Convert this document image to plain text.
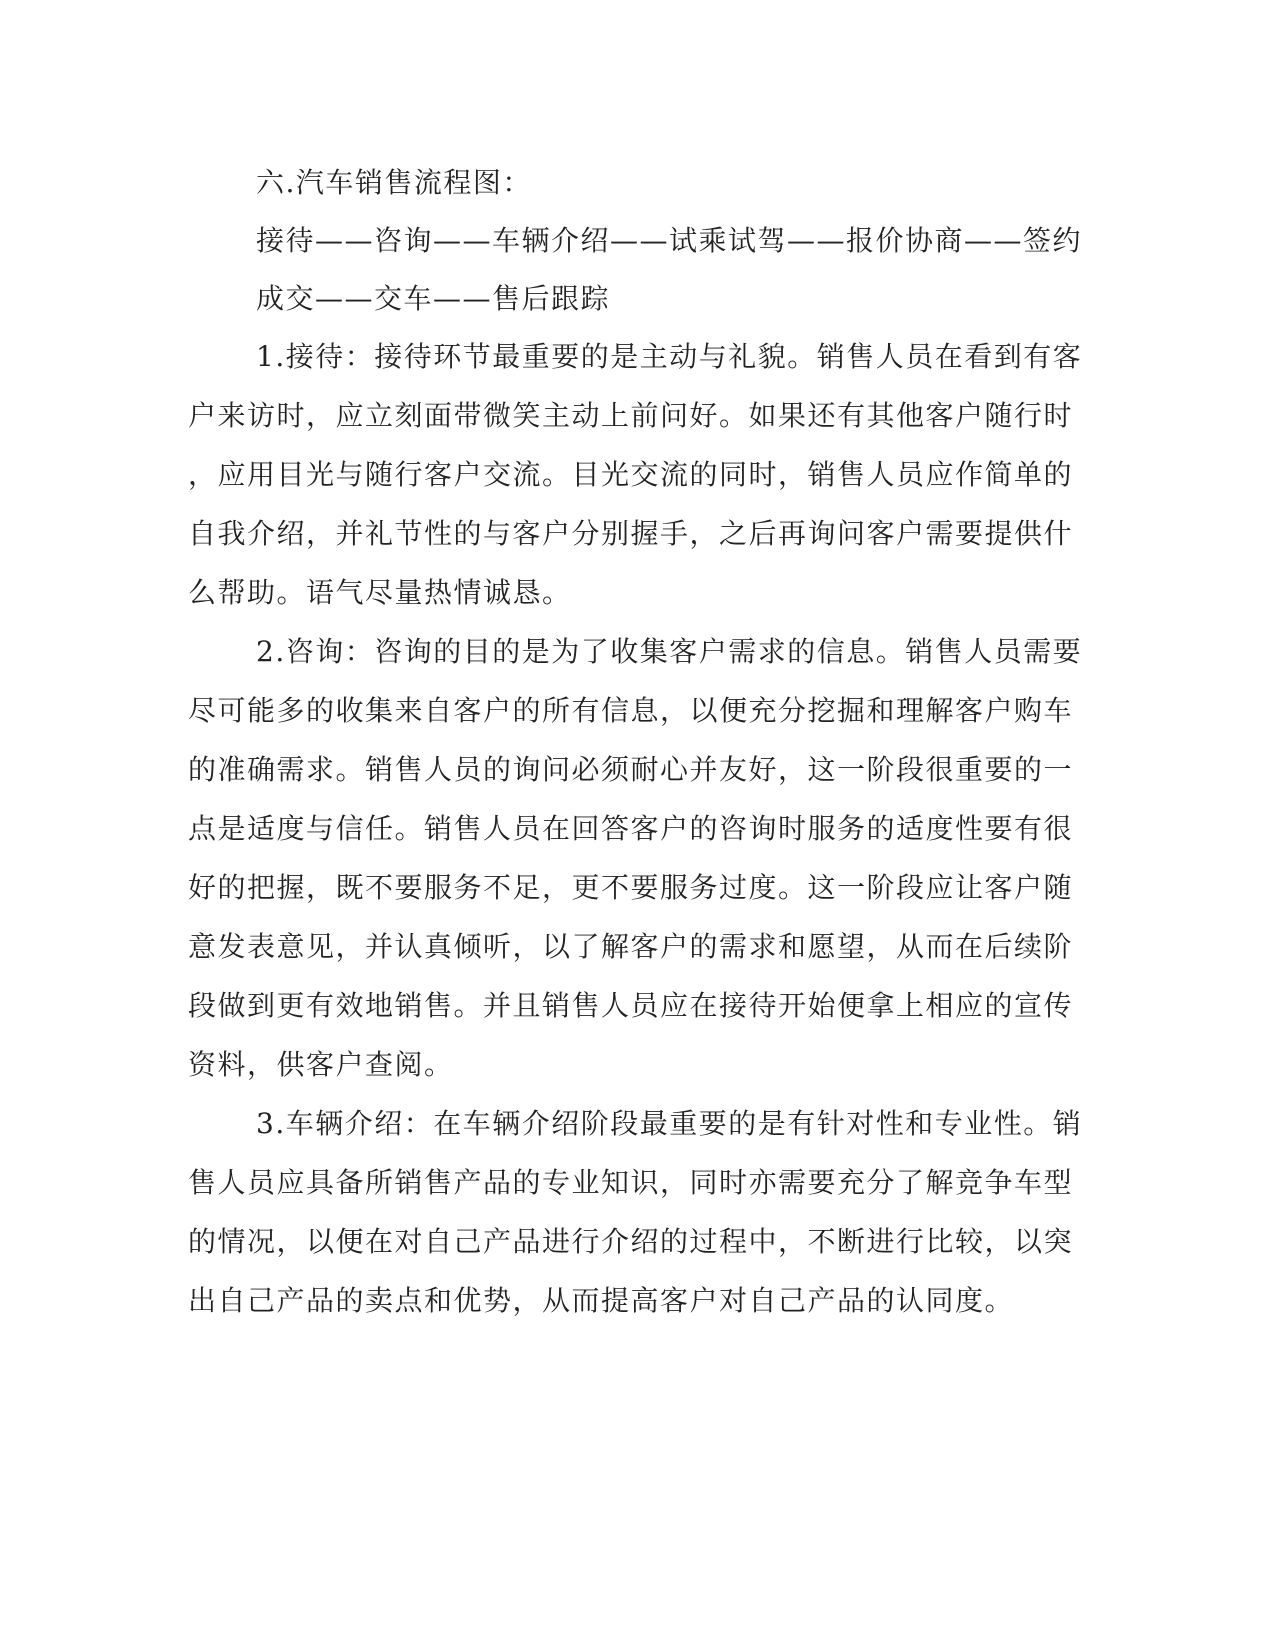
六.汽车销售流程图：
接待——咨询——车辆介绍——试乘试驾——报价协商——签约
成交——交车——售后跟踪
1.接待：接待环节最重要的是主动与礼貌。销售人员在看到有客
户来访时，应立刻面带微笑主动上前问好。如果还有其他客户随行时
，应用目光与随行客户交流。目光交流的同时，销售人员应作简单的
自我介绍，并礼节性的与客户分别握手，之后再询问客户需要提供什
么帮助。语气尽量热情诚恳。
2.咨询：咨询的目的是为了收集客户需求的信息。销售人员需要
尽可能多的收集来自客户的所有信息，以便充分挖掘和理解客户购车
的准确需求。销售人员的询问必须耐心并友好，这一阶段很重要的一
点是适度与信任。销售人员在回答客户的咨询时服务的适度性要有很
好的把握，既不要服务不足，更不要服务过度。这一阶段应让客户随
意发表意见，并认真倾听，以了解客户的需求和愿望，从而在后续阶
段做到更有效地销售。并且销售人员应在接待开始便拿上相应的宣传
资料，供客户查阅。
3.车辆介绍：在车辆介绍阶段最重要的是有针对性和专业性。销
售人员应具备所销售产品的专业知识，同时亦需要充分了解竞争车型
的情况，以便在对自己产品进行介绍的过程中，不断进行比较，以突
出自己产品的卖点和优势，从而提高客户对自己产品的认同度。
